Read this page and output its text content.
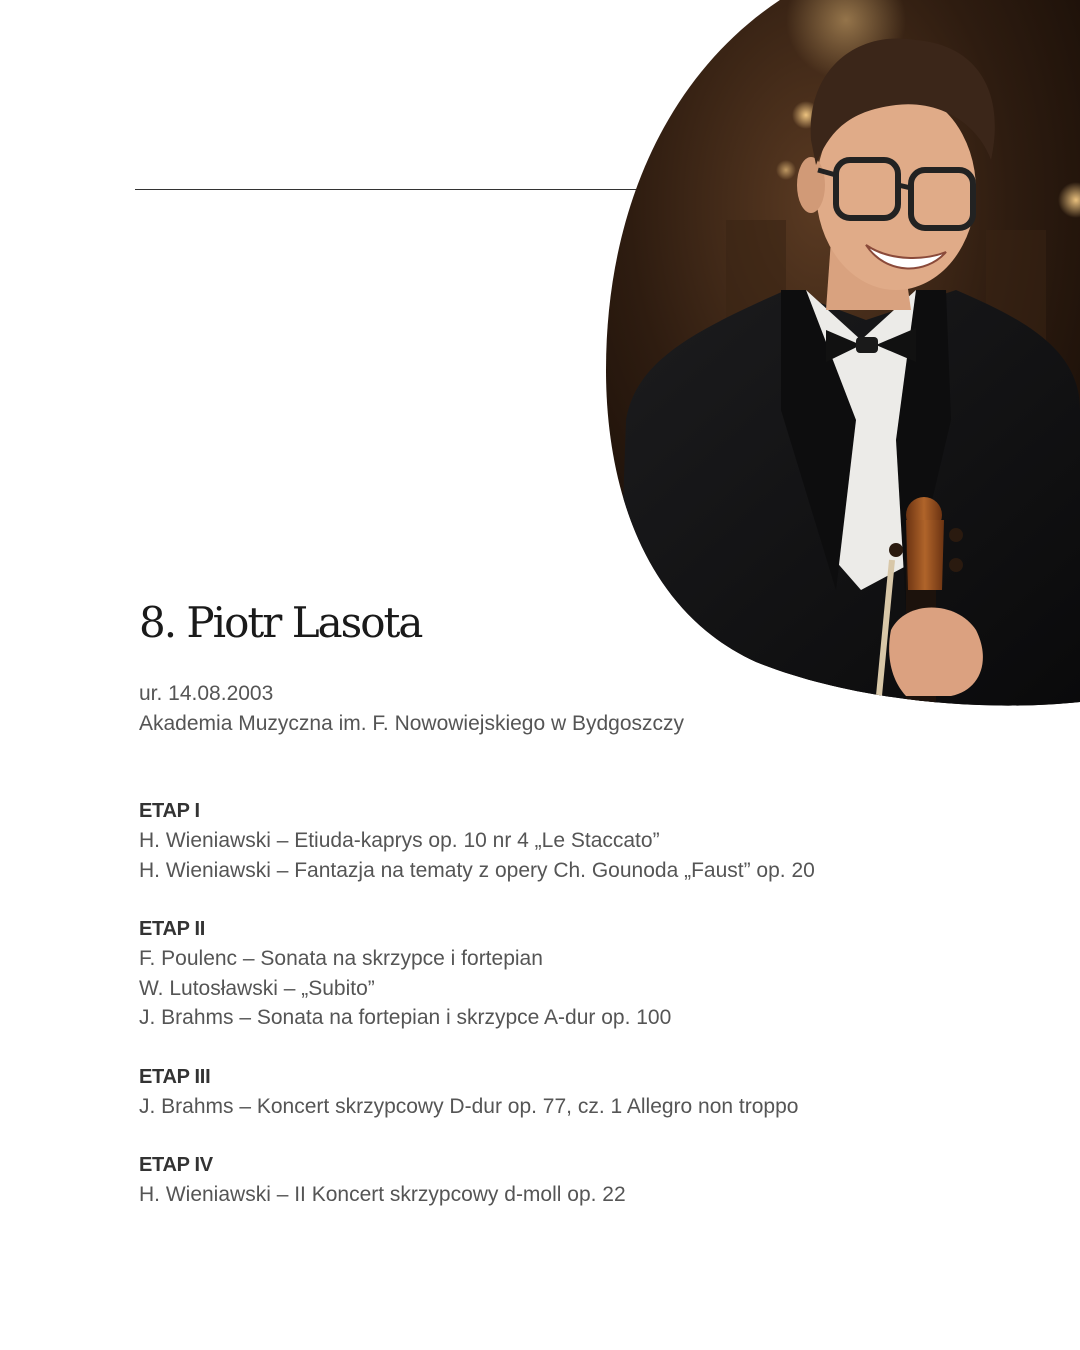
8. Piotr Lasota
ur. 14.08.2003
Akademia Muzyczna im. F. Nowowiejskiego w Bydgoszczy
ETAP I
H. Wieniawski – Etiuda-kaprys op. 10 nr 4 „Le Staccato”
H. Wieniawski – Fantazja na tematy z opery Ch. Gounoda „Faust” op. 20
ETAP II
F. Poulenc – Sonata na skrzypce i fortepian
W. Lutosławski – „Subito”
J. Brahms – Sonata na fortepian i skrzypce A-dur op. 100
ETAP III
J. Brahms – Koncert skrzypcowy D-dur op. 77, cz. 1 Allegro non troppo
ETAP IV
H. Wieniawski – II Koncert skrzypcowy d-moll op. 22
